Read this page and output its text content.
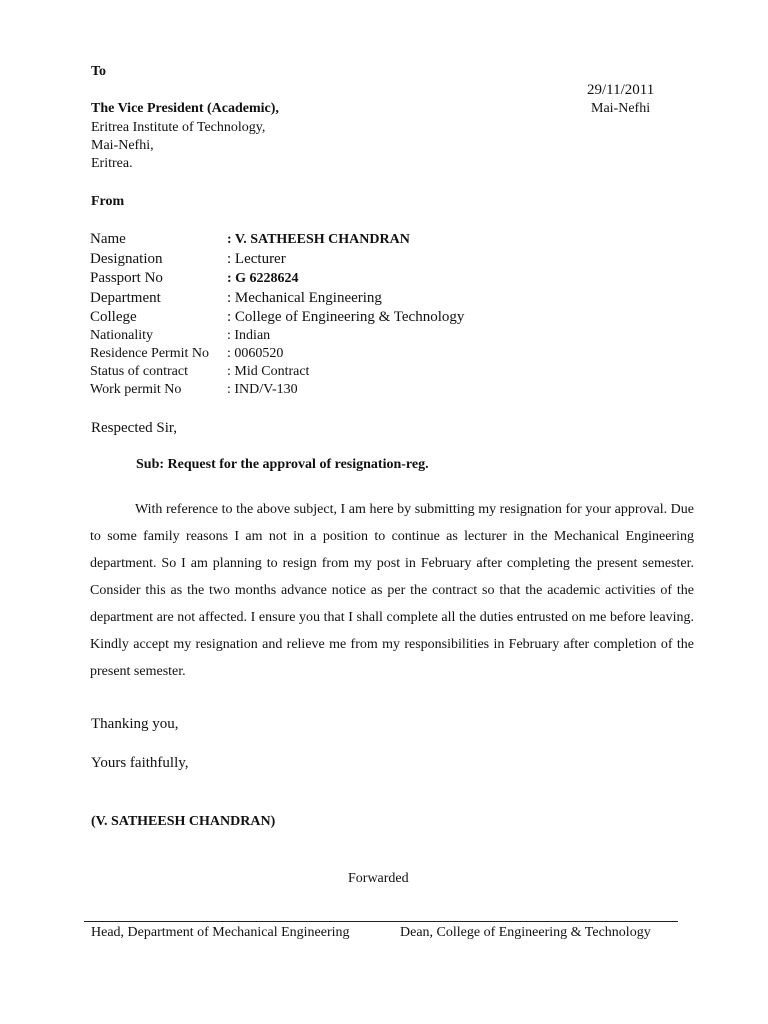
To
29/11/2011
The Vice President (Academic),	Mai-Nefhi
Eritrea Institute of Technology,
Mai-Nefhi,
Eritrea.
From
Name	: V. SATHEESH CHANDRAN
Designation	: Lecturer
Passport No	: G 6228624
Department	: Mechanical Engineering
College	: College of Engineering & Technology
Nationality	: Indian
Residence Permit No : 0060520
Status of contract	: Mid Contract
Work permit No	: IND/V-130
Respected Sir,
Sub: Request for the approval of resignation-reg.

With reference to the above subject, I am here by submitting my resignation for your approval. Due to some family reasons I am not in a position to continue as lecturer in the Mechanical Engineering department. So I am planning to resign from my post in February after completing the present semester. Consider this as the two months advance notice as per the contract so that the academic activities of the department are not affected. I ensure you that I shall complete all the duties entrusted on me before leaving. Kindly accept my resignation and relieve me from my responsibilities in February after completion of the present semester.

Thanking you,
Yours faithfully,
(V. SATHEESH CHANDRAN)
Forwarded
Head, Department of Mechanical Engineering	Dean, College of Engineering & Technology
